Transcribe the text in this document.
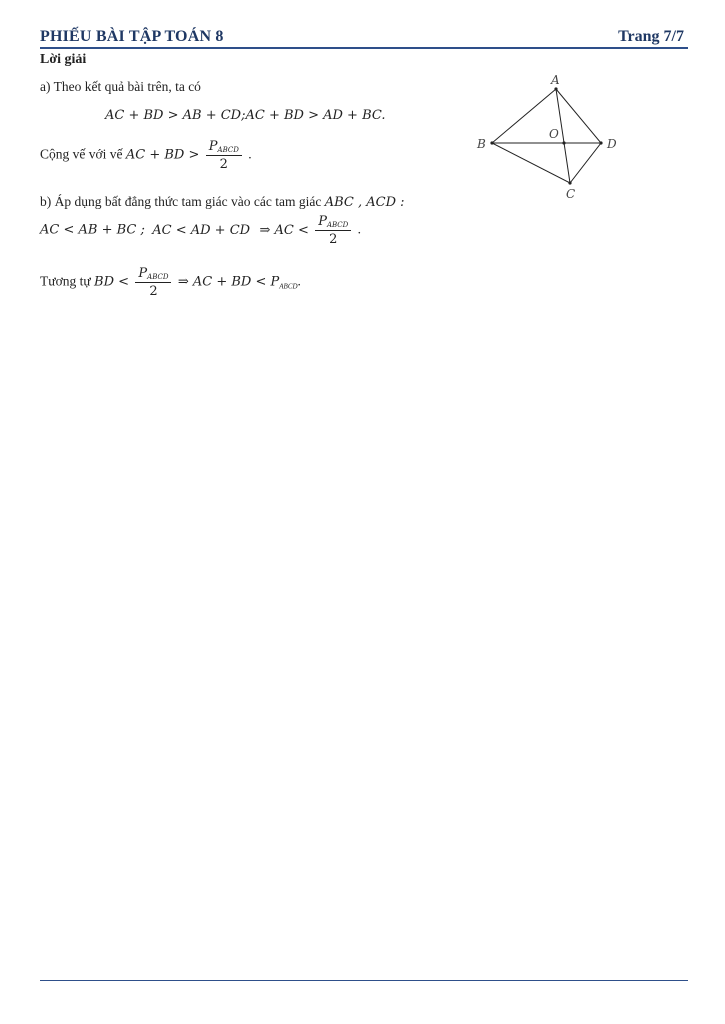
PHIẾU BÀI TẬP TOÁN 8	Trang 7/7
Lời giải
a) Theo kết quả bài trên, ta có
AC + BD > AB + CD;AC + BD > AD + BC.
Cộng vế với vế AC + BD > $\frac{P_{ABCD}}{2}$ .
b) Áp dụng bất đẳng thức tam giác vào các tam giác ABC , ACD :
AC < AB + BC ; AC < AD + CD ⇒ AC < $\frac{P_{ABCD}}{2}$ .
Tương tự BD < $\frac{P_{ABCD}}{2}$ ⇒ AC + BD < $P_{ABCD}$.
A
B
C
D
O
